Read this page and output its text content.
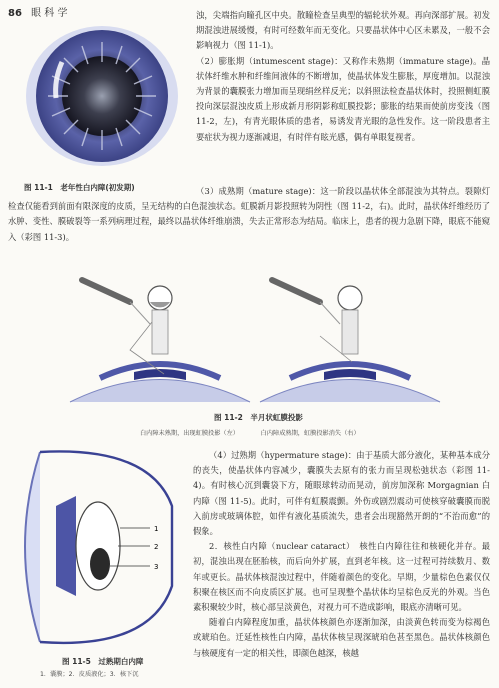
86 眼 科 学
图 11-1　老年性白内障(初发期)

浊，尖端指向瞳孔区中央。散瞳检查呈典型的辐轮状外观。再向深部扩展。初发期混浊进展缓慢，有时可经数年而无变化。只要晶状体中心区未累及，一般不会影响视力（图 11-1)。

（2）膨胀期（intumescent stage)：又称作未熟期（immature stage)。晶状体纤维水肿和纤维间液体的不断增加，使晶状体发生膨胀，厚度增加。以混浊为背景的囊膜张力增加而呈现绢丝样反光；以斜照法检查晶状体时，投照侧虹膜投向深层混浊皮质上形成新月形阴影称虹膜投影；膨胀的结果而使前房变浅（图 11-2，左)，有青光眼体质的患者，易诱发青光眼的急性发作。这一阶段患者主要症状为视力逐渐减退，有时伴有眩光感，偶有单眼复视者。

（3）成熟期（mature stage)：这一阶段以晶状体全部混浊为其特点。裂隙灯检查仅能看到前面有限深度的皮质，呈无结构的白色混浊状态。虹膜新月影投照转为阴性（图 11-2，右)。此时，晶状体纤维经历了水肿、变性、膜破裂等一系列病理过程，最终以晶状体纤维崩溃，失去正常形态为结局。临床上，患者的视力急剧下降，眼底不能窥入（彩图 11-3)。

图 11-2　半月状虹膜投影
白内障未熟期，出现虹膜投影（左）　　　　白内障成熟期，虹膜投影消失（右）
1
2
3
图 11-5　过熟期白内障
1．囊膜；2．皮质液化；3．核下沉

（4）过熟期（hypermature stage)：由于基质大部分液化，某种基本成分的丧失，使晶状体内容减少，囊膜失去原有的张力而呈现松弛状态（彩图 11-4)。有时核心沉到囊袋下方，随眼球转动而晃动，前房加深称 Morgagnian 白内障（图 11-5)。此时，可伴有虹膜震颤。外伤或剧烈震动可使核穿破囊膜而脱入前房或玻璃体腔，如伴有液化基质流失，患者会出现豁然开朗的“不治而愈”的假象。

2．核性白内障（nuclear cataract）　核性白内障往往和核硬化并存。最初，混浊出现在胚胎核，而后向外扩展，直到老年核。这一过程可持续数月、数年或更长。晶状体核混浊过程中，伴随着颜色的变化。早期，少量棕色色素仅仅积聚在核区而不向皮质区扩展。也可呈现整个晶状体均呈棕色反光的外观。当色素积聚较少时，核心部呈淡黄色，对视力可不造成影响，眼底亦清晰可见。

随着白内障程度加重，晶状体核颜色亦逐渐加深，由淡黄色转而变为棕褐色或琥珀色。迁延性核性白内障，晶状体核呈现深琥珀色甚至黑色。晶状体核颜色与核硬度有一定的相关性，即颜色越深，核越
